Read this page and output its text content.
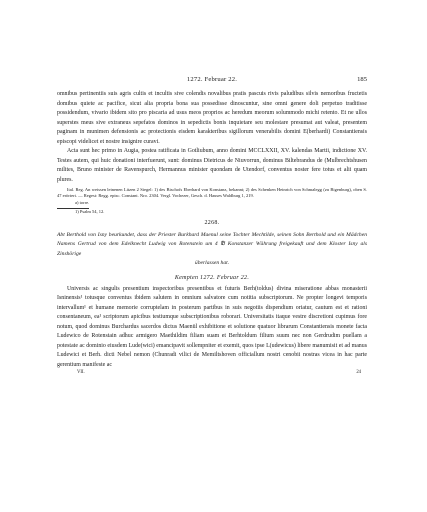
1272. Februar 22.	185

omnibus pertinentiis suis agris cultis et incultis sive colendis novalibus pratis pascuis rivis paludibus silvis nemoribus fructetis domibus quiete ac pacifice, sicut alia propria bona sua possedisse dinoscuntur, sine omni genere doli perpetuo traditisse possidendum, vivario ibidem sito pro piscaria ad usus meos proprios ac heredum meorum solummodo michi retento. Et ne ullos superstes meus sive extraneus sepefatos dominos in sepedictis bonis inquietare seu molestare presumat aut valeat, presentem paginam in munimen defensionis ac protectionis eisdem karakteribus sigillorum venerabilis domini E(berhardi) Constantiensis episcopi videlicet et nostre insignire curavi.

Acta sunt hec primo in Augia, postea ratificata in Gotliubum, anno domini MCCLXXII, XV. kalendas Martii, indictione XV. Testes autem, qui huic donationi interfuerunt, sunt: dominus Dietricus de Niuvorrun, dominus Biltebrandus de (Mulbrechtshusen milites, Bruno minister de Ravenspurch, Hermannus minister quondam de Utendorf, conventus noster fere totus et alii quam plures.

Ital. Reg. An weissen leinenen Litzen 2 Siegel: 1) des Bischofs Eberhard von Konstanz, bekannt; 2) des Schenken Heinrich von Schmalegg (zu Bigenburg), oben S. 47 erörtert. — Regest: Regg. episc. Constant. Nro. 2304. Vergl. Vochezer, Gesch. d. Hauses Waldburg 1, 219.

a) torre.
1) Psalm 54, 12.
2268.

Abt Berthold von Isny beurkundet, dass der Priester Burkhard Maenul seine Tochter Mechtilde, seinen Sohn Berthold und ein Mädchen Namens Gertrud von dem Edelknecht Ludwig von Rotenstein um 4 ℔ Konstanzer Währung freigekauft und dem Kloster Isny als Zinshörige

überlassen hat.

Kempten 1272. Februar 22.

Universis ac singulis presentium inspectoribus presentibus et futuris Berh(toldus) divina miseratione abbas monasterii Isninensis¹ totusque conventus ibidem salutem in omnium salvatore cum notitia subscriptorum. Ne propter longevi temporis intervallum¹ et humane memorie corruptelam in posterum partibus in suis negotiis dispendium oriatur, cautum est et rationi consentaneum, ea¹ scriptorum apicibus testiumque subscriptionibus roborari. Universitatis itaque vestre discretioni cupimus fore notum, quod dominus Burchardus sacerdos dictus Maenül exhibitione et solutione quatuor librarum Constantiensis monete facta Ludewico de Rotenstain adhuc armigero Maethildim filiam suam et Berhtoldum filium suum nec non Gerdrudim puellam a potestate ac dominio eiusdem Lude(wici) emancipavit sollempniter et exemit, quos ipse L(udewicus) libere manumisit et ad manus Ludewici et Berh. dicti Nebel nemon (Chunradi vilici de Memiltshoven officiallum nostri cenobii nostras vicea in hac parte gerentium manifeste ac

VII.	24
